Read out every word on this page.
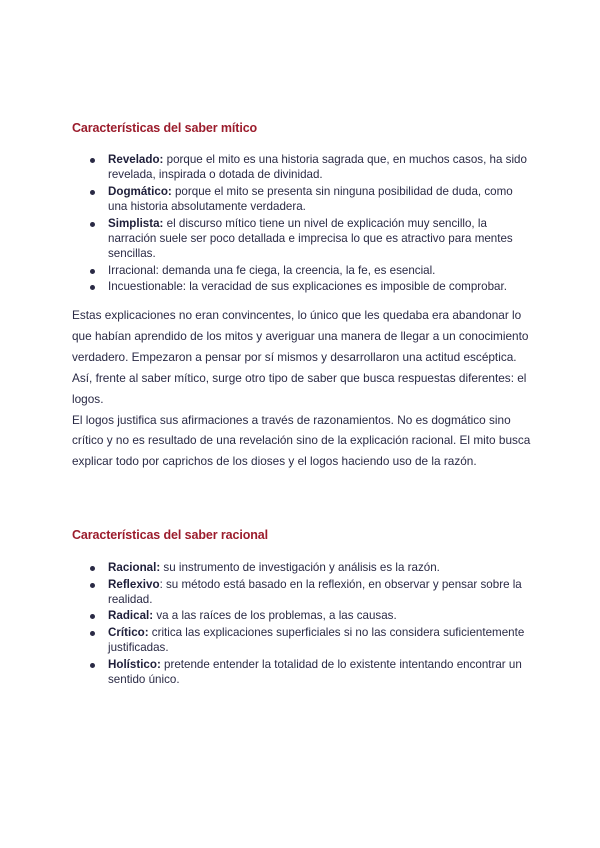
Características del saber mítico
Revelado: porque el mito es una historia sagrada que, en muchos casos, ha sido revelada, inspirada o dotada de divinidad.
Dogmático: porque el mito se presenta sin ninguna posibilidad de duda, como una historia absolutamente verdadera.
Simplista: el discurso mítico tiene un nivel de explicación muy sencillo, la narración suele ser poco detallada e imprecisa lo que es atractivo para mentes sencillas.
Irracional: demanda una fe ciega, la creencia, la fe, es esencial.
Incuestionable: la veracidad de sus explicaciones es imposible de comprobar.

Estas explicaciones no eran convincentes, lo único que les quedaba era abandonar lo que habían aprendido de los mitos y averiguar una manera de llegar a un conocimiento verdadero. Empezaron a pensar por sí mismos y desarrollaron una actitud escéptica.

Así, frente al saber mítico, surge otro tipo de saber que busca respuestas diferentes: el logos.

El logos justifica sus afirmaciones a través de razonamientos. No es dogmático sino crítico y no es resultado de una revelación sino de la explicación racional. El mito busca explicar todo por caprichos de los dioses y el logos haciendo uso de la razón.

Características del saber racional
Racional: su instrumento de investigación y análisis es la razón.
Reflexivo: su método está basado en la reflexión, en observar y pensar sobre la realidad.
Radical: va a las raíces de los problemas, a las causas.
Crítico: critica las explicaciones superficiales si no las considera suficientemente justificadas.
Holístico: pretende entender la totalidad de lo existente intentando encontrar un sentido único.
